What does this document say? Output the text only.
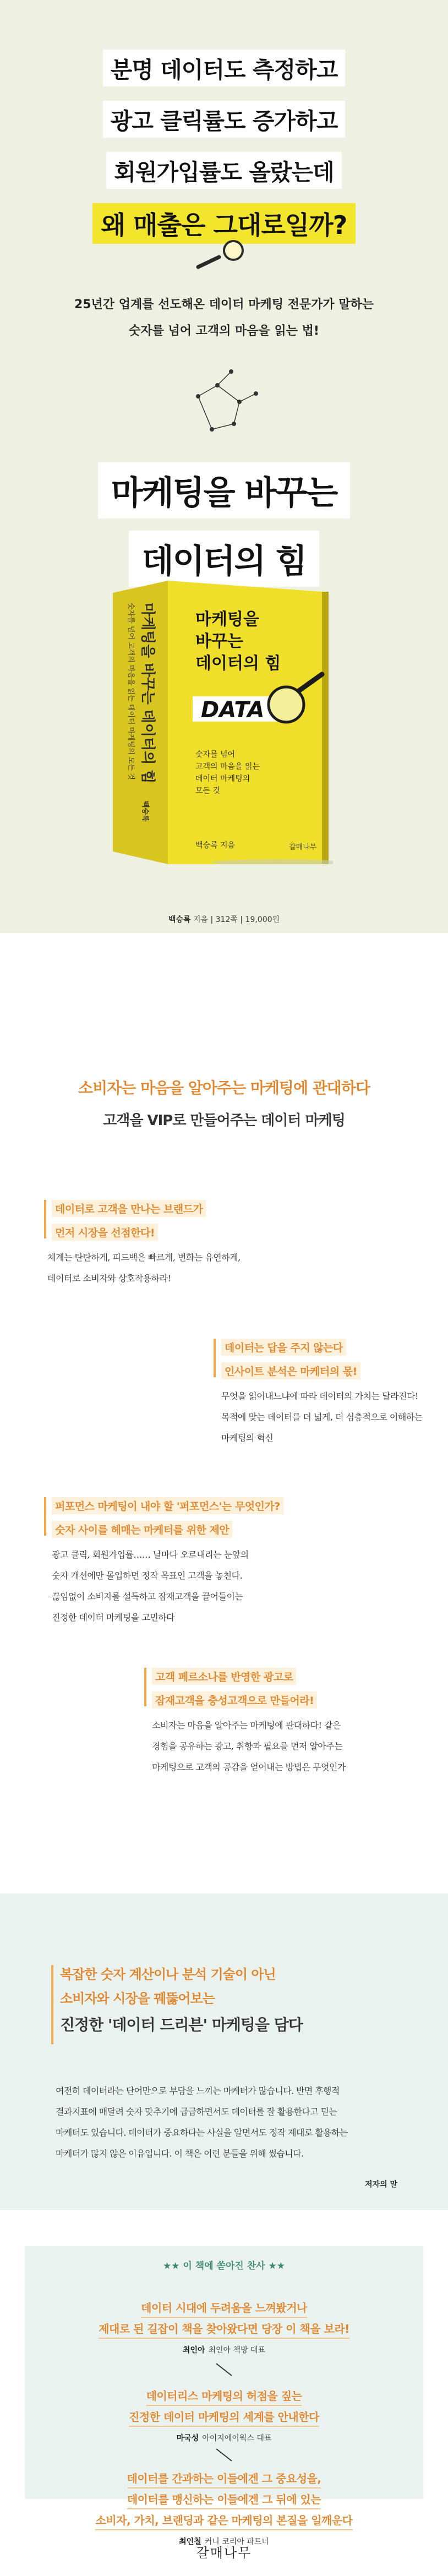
분명 데이터도 측정하고
광고 클릭률도 증가하고
회원가입률도 올랐는데
왜 매출은 그대로일까?
25년간 업계를 선도해온 데이터 마케팅 전문가가 말하는
숫자를 넘어 고객의 마음을 읽는 법!
마케팅을 바꾸는
데이터의 힘
마케팅을 바꾸는 데이터의 힘
숫자를 넘어 고객의 마음을 읽는 데이터 마케팅의 모든 것
백승록
마케팅을
바꾸는
데이터의 힘
DATA
숫자를 넘어
고객의 마음을 읽는
데이터 마케팅의
모든 것
백승록 지음	갈매나무
백승록 지음 | 312쪽 | 19,000원
소비자는 마음을 알아주는 마케팅에 관대하다
고객을 VIP로 만들어주는 데이터 마케팅
데이터로 고객을 만나는 브랜드가
먼저 시장을 선점한다!
체계는 탄탄하게, 피드백은 빠르게, 변화는 유연하게,
데이터로 소비자와 상호작용하라!
데이터는 답을 주지 않는다
인사이트 분석은 마케터의 몫!
무엇을 읽어내느냐에 따라 데이터의 가치는 달라진다!
목적에 맞는 데이터를 더 넓게, 더 심층적으로 이해하는
마케팅의 혁신
퍼포먼스 마케팅이 내야 할 '퍼포먼스'는 무엇인가?
숫자 사이를 헤매는 마케터를 위한 제안
광고 클릭, 회원가입률…… 날마다 오르내리는 눈앞의
숫자 개선에만 몰입하면 정작 목표인 고객을 놓친다.
끊임없이 소비자를 설득하고 잠재고객을 끌어들이는
진정한 데이터 마케팅을 고민하다
고객 페르소나를 반영한 광고로
잠재고객을 충성고객으로 만들어라!
소비자는 마음을 알아주는 마케팅에 관대하다! 같은
경험을 공유하는 광고, 취향과 필요를 먼저 알아주는
마케팅으로 고객의 공감을 얻어내는 방법은 무엇인가
복잡한 숫자 계산이나 분석 기술이 아닌
소비자와 시장을 꿰뚫어보는
진정한 '데이터 드리븐' 마케팅을 담다
여전히 데이터라는 단어만으로 부담을 느끼는 마케터가 많습니다. 반면 후행적
결과지표에 매달려 숫자 맞추기에 급급하면서도 데이터를 잘 활용한다고 믿는
마케터도 있습니다. 데이터가 중요하다는 사실을 알면서도 정작 제대로 활용하는
마케터가 많지 않은 이유입니다. 이 책은 이런 분들을 위해 썼습니다.
저자의 말
★★ 이 책에 쏟아진 찬사 ★★
데이터 시대에 두려움을 느껴봤거나
제대로 된 길잡이 책을 찾아왔다면 당장 이 책을 보라!
최인아 최인아 책방 대표
데이터리스 마케팅의 허점을 짚는
진정한 데이터 마케팅의 세계를 안내한다
마국성 아이지에이웍스 대표
데이터를 간과하는 이들에겐 그 중요성을,
데이터를 맹신하는 이들에겐 그 뒤에 있는
소비자, 가치, 브랜딩과 같은 마케팅의 본질을 일깨운다
최인철 커니 코리아 파트너
갈매나무
